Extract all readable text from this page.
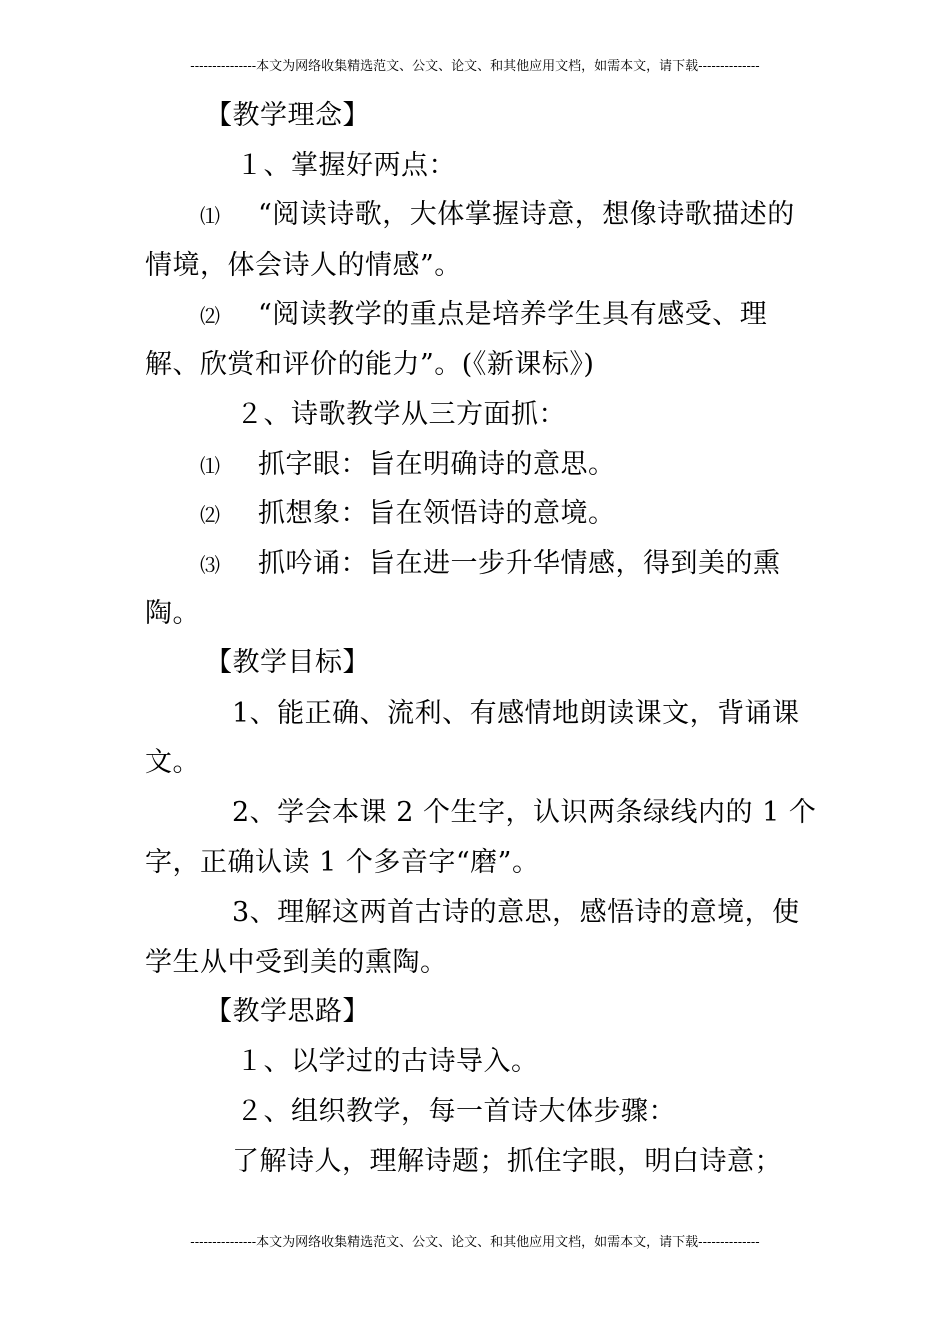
---------------本文为网络收集精选范文、公文、论文、和其他应用文档，如需本文，请下载--------------
【教学理念】
１、掌握好两点：
⑴ “阅读诗歌，大体掌握诗意，想像诗歌描述的
情境，体会诗人的情感”。
⑵ “阅读教学的重点是培养学生具有感受、理
解、欣赏和评价的能力”。(《新课标》)
２、诗歌教学从三方面抓：
⑴ 抓字眼：旨在明确诗的意思。
⑵ 抓想象：旨在领悟诗的意境。
⑶ 抓吟诵：旨在进一步升华情感，得到美的熏
陶。
【教学目标】
1、能正确、流利、有感情地朗读课文，背诵课
文。
2、学会本课 2 个生字，认识两条绿线内的 1 个
字，正确认读 1 个多音字“磨”。
3、理解这两首古诗的意思，感悟诗的意境，使
学生从中受到美的熏陶。
【教学思路】
１、以学过的古诗导入。
２、组织教学，每一首诗大体步骤：
了解诗人，理解诗题；抓住字眼，明白诗意；
---------------本文为网络收集精选范文、公文、论文、和其他应用文档，如需本文，请下载--------------
